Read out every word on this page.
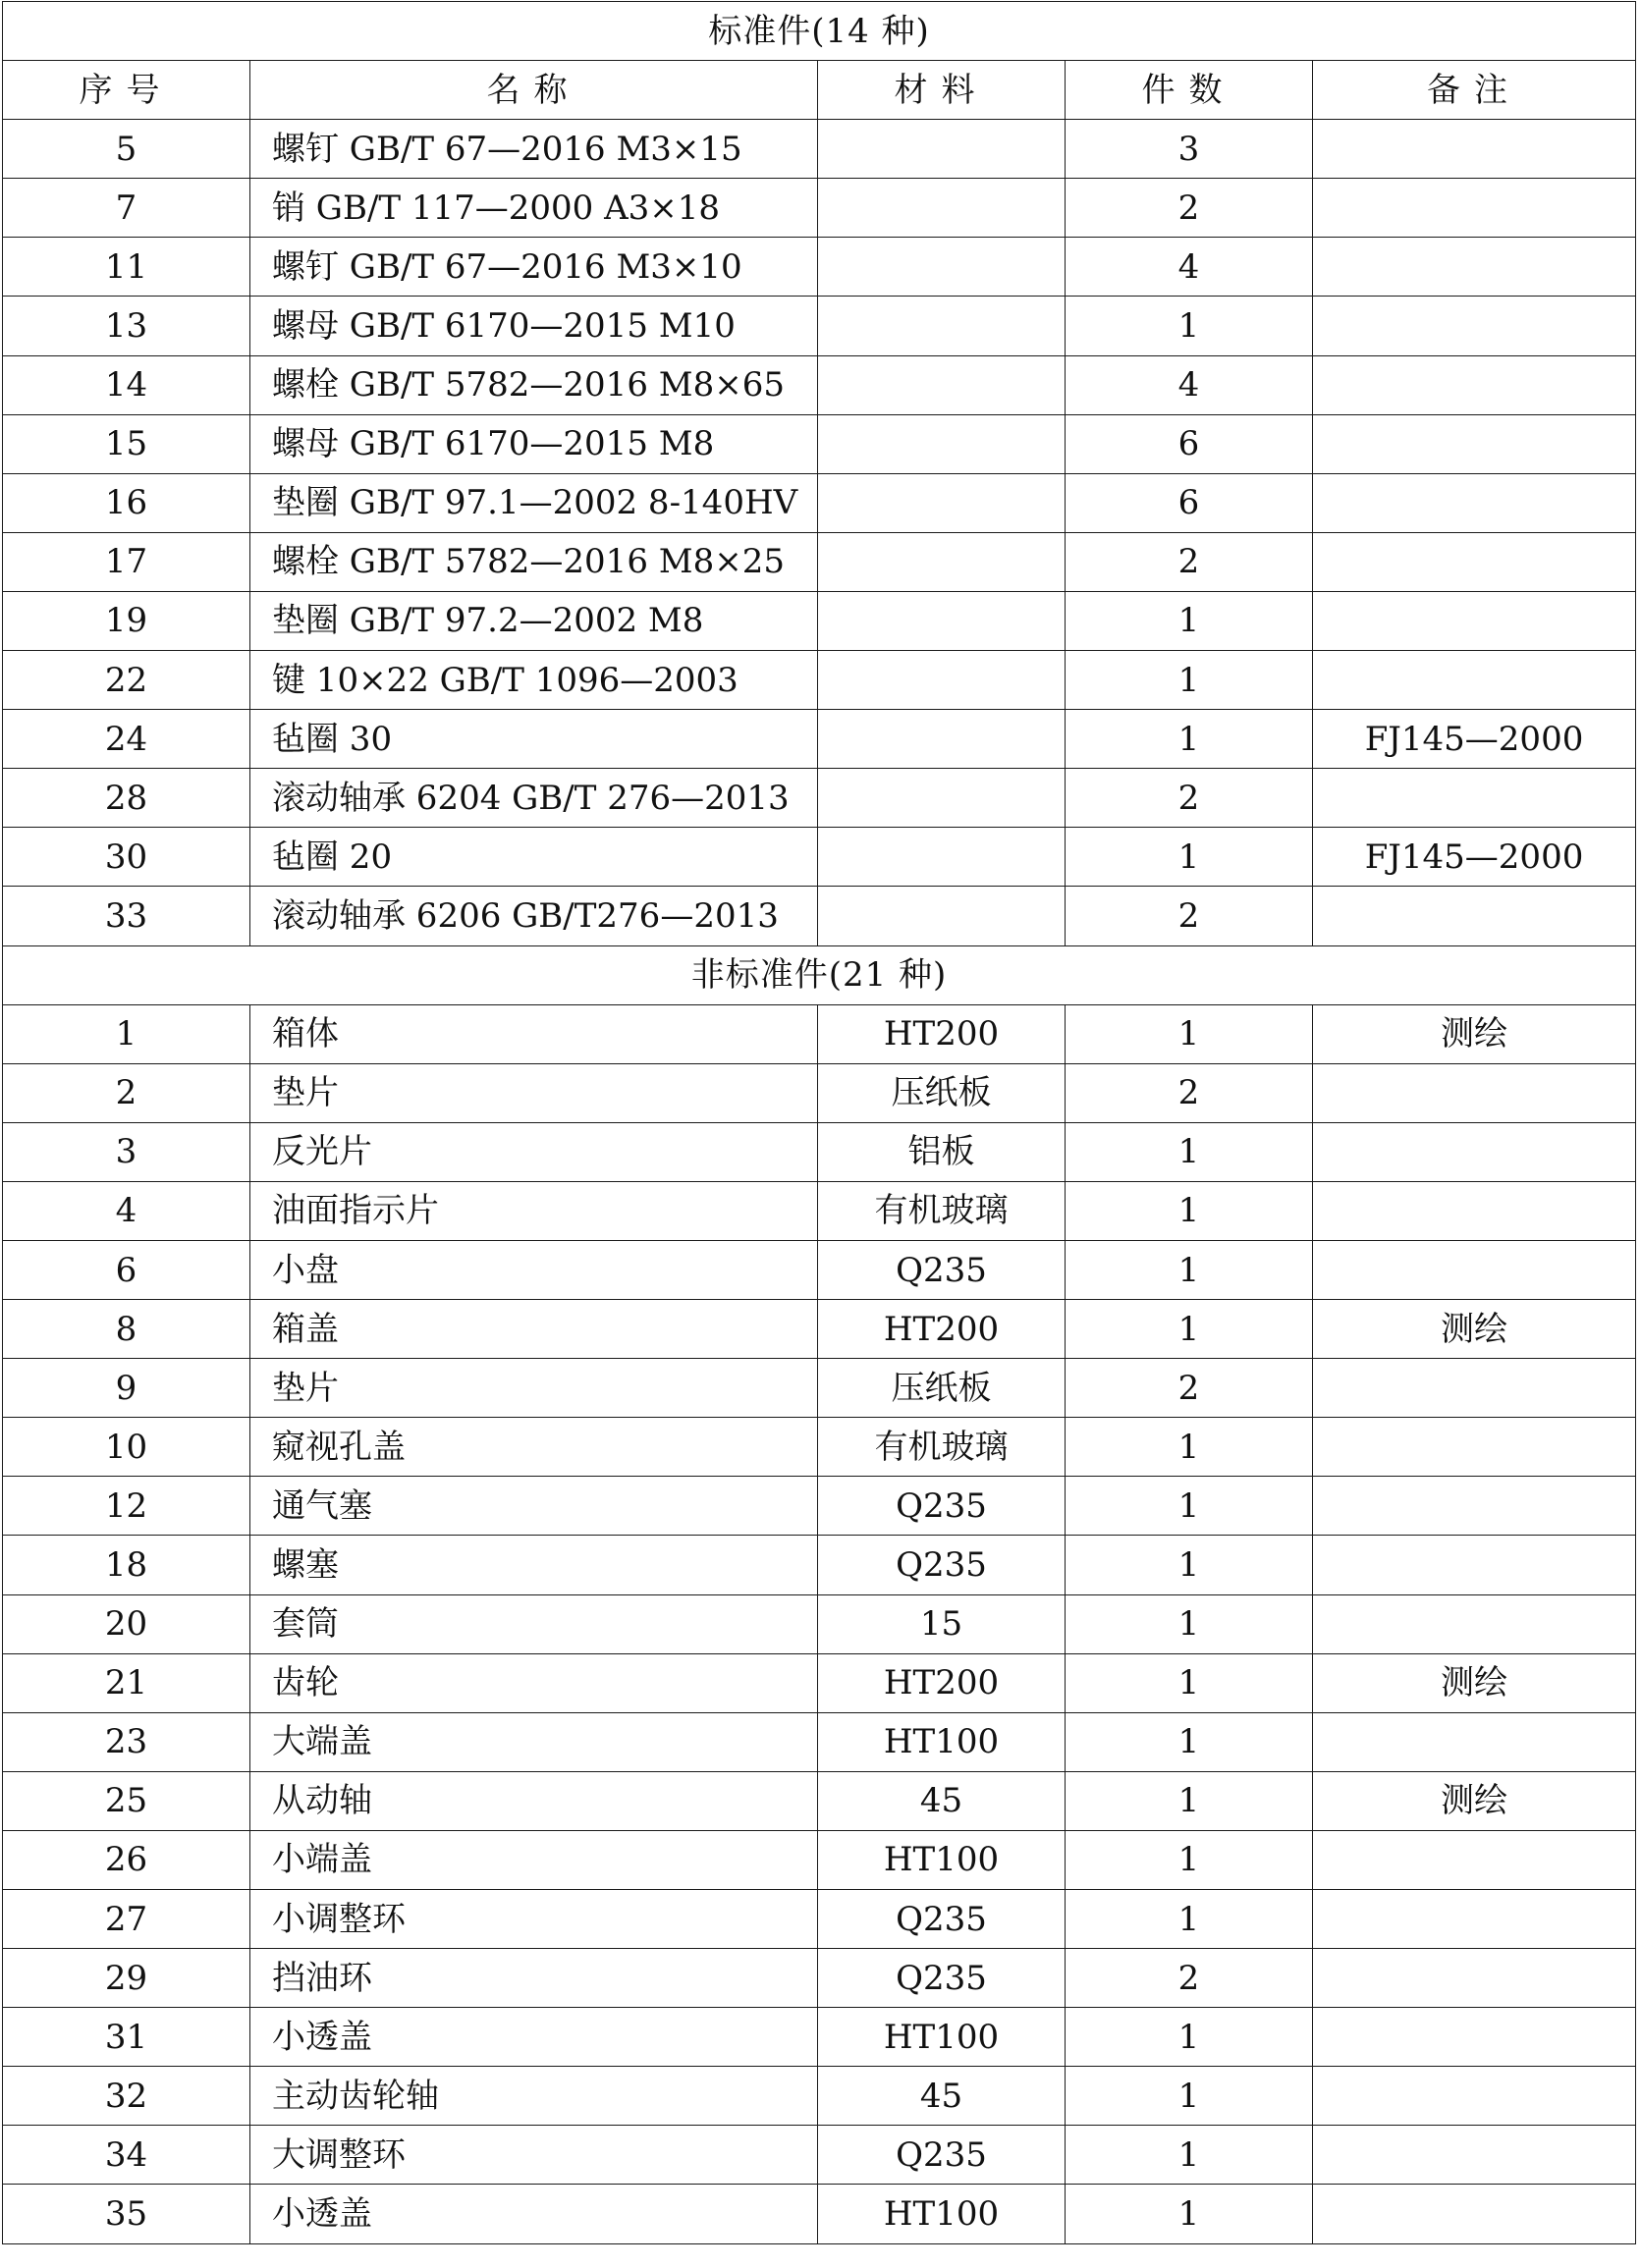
标准件(14 种)				
序号	名称	材料	件数	备注
5	螺钉 GB/T 67—2016 M3×15		3	
7	销 GB/T 117—2000 A3×18		2	
11	螺钉 GB/T 67—2016 M3×10		4	
13	螺母 GB/T 6170—2015 M10		1	
14	螺栓 GB/T 5782—2016 M8×65		4	
15	螺母 GB/T 6170—2015 M8		6	
16	垫圈 GB/T 97.1—2002 8-140HV		6	
17	螺栓 GB/T 5782—2016 M8×25		2	
19	垫圈 GB/T 97.2—2002 M8		1	
22	键 10×22 GB/T 1096—2003		1	
24	毡圈 30		1	FJ145—2000
28	滚动轴承 6204 GB/T 276—2013		2	
30	毡圈 20		1	FJ145—2000
33	滚动轴承 6206 GB/T276—2013		2	
非标准件(21 种)				
1	箱体	HT200	1	测绘
2	垫片	压纸板	2	
3	反光片	铝板	1	
4	油面指示片	有机玻璃	1	
6	小盘	Q235	1	
8	箱盖	HT200	1	测绘
9	垫片	压纸板	2	
10	窥视孔盖	有机玻璃	1	
12	通气塞	Q235	1	
18	螺塞	Q235	1	
20	套筒	15	1	
21	齿轮	HT200	1	测绘
23	大端盖	HT100	1	
25	从动轴	45	1	测绘
26	小端盖	HT100	1	
27	小调整环	Q235	1	
29	挡油环	Q235	2	
31	小透盖	HT100	1	
32	主动齿轮轴	45	1	
34	大调整环	Q235	1	
35	小透盖	HT100	1	
